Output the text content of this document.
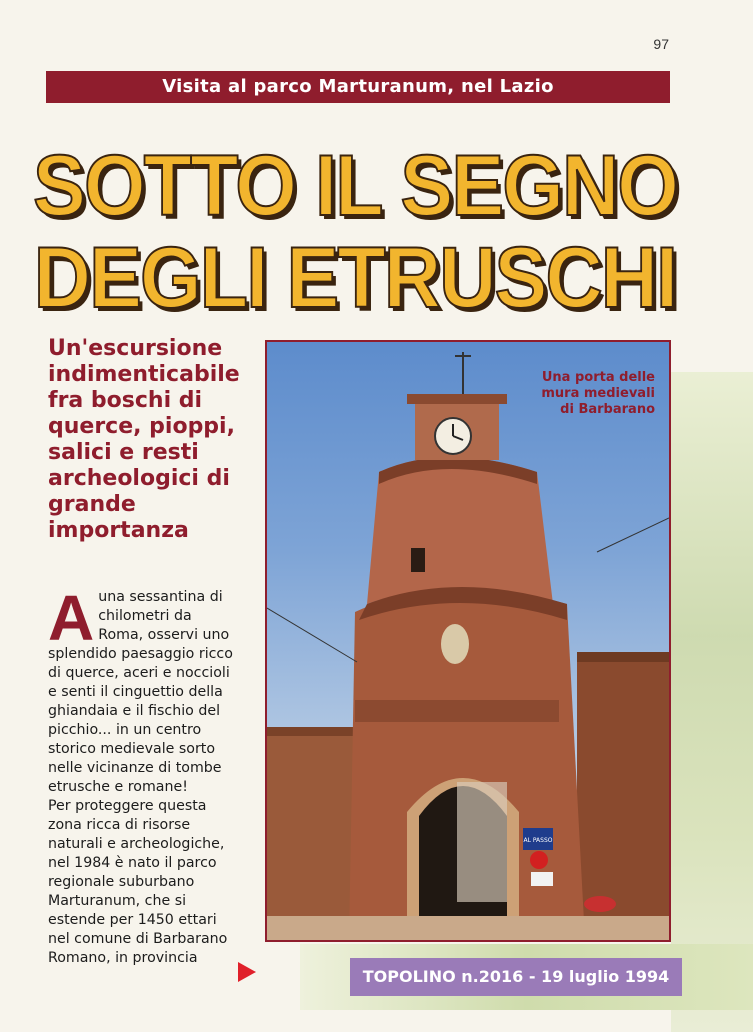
97
Visita al parco Marturanum, nel Lazio
SOTTO IL SEGNO
DEGLI ETRUSCHI

Un'escursione indimenticabile fra boschi di querce, pioppi, salici e resti archeologici di grande importanza

A una sessantina di chilometri da Roma, osservi uno splendido paesaggio ricco di querce, aceri e noccioli e senti il cinguettio della ghiandaia e il fischio del picchio... in un centro storico medievale sorto nelle vicinanze di tombe etrusche e romane!

Per proteggere questa zona ricca di risorse naturali e archeologiche, nel 1984 è nato il parco regionale suburbano Marturanum, che si estende per 1450 ettari nel comune di Barbarano Romano, in provincia

AL PASSO

Una porta delle mura medievali di Barbarano

TOPOLINO n.2016 - 19 luglio 1994
